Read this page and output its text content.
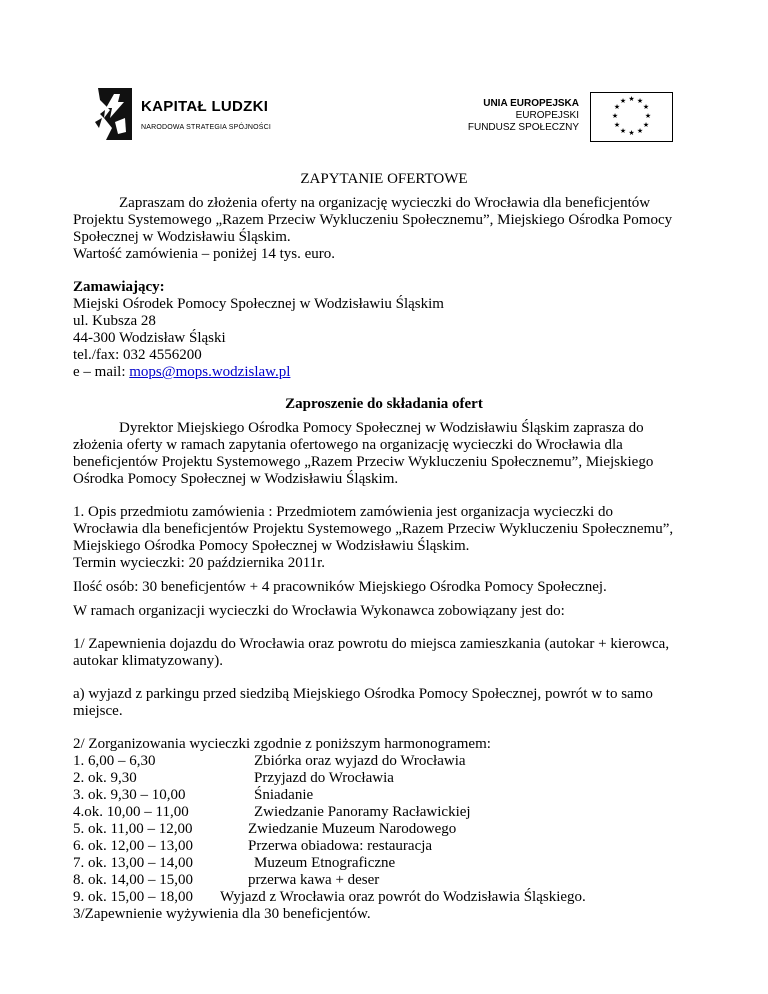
KAPITAŁ LUDZKI
NARODOWA STRATEGIA SPÓJNOŚCI
UNIA EUROPEJSKA
EUROPEJSKI
FUNDUSZ SPOŁECZNY
★ ★
★
★
★
★
★
★
★
★
★
★
ZAPYTANIE OFERTOWE
Zapraszam do złożenia oferty na organizację wycieczki do Wrocławia dla beneficjentów
Projektu Systemowego „Razem Przeciw Wykluczeniu Społecznemu”, Miejskiego Ośrodka Pomocy
Społecznej w Wodzisławiu Śląskim.
Wartość zamówienia – poniżej 14 tys. euro.
Zamawiający:
Miejski Ośrodek Pomocy Społecznej w Wodzisławiu Śląskim
ul. Kubsza 28
44-300 Wodzisław Śląski
tel./fax: 032 4556200
e – mail: mops@mops.wodzislaw.pl
Zaproszenie do składania ofert
Dyrektor Miejskiego Ośrodka Pomocy Społecznej w Wodzisławiu Śląskim zaprasza do
złożenia oferty w ramach zapytania ofertowego na organizację wycieczki do Wrocławia dla
beneficjentów Projektu Systemowego „Razem Przeciw Wykluczeniu Społecznemu”, Miejskiego
Ośrodka Pomocy Społecznej w Wodzisławiu Śląskim.
1. Opis przedmiotu zamówienia : Przedmiotem zamówienia jest organizacja wycieczki do
Wrocławia dla beneficjentów Projektu Systemowego „Razem Przeciw Wykluczeniu Społecznemu”,
Miejskiego Ośrodka Pomocy Społecznej w Wodzisławiu Śląskim.
Termin wycieczki: 20 października 2011r.
Ilość osób: 30 beneficjentów + 4 pracowników Miejskiego Ośrodka Pomocy Społecznej.
W ramach organizacji wycieczki do Wrocławia Wykonawca zobowiązany jest do:
1/ Zapewnienia dojazdu do Wrocławia oraz powrotu do miejsca zamieszkania (autokar + kierowca,
autokar klimatyzowany).
a) wyjazd z parkingu przed siedzibą Miejskiego Ośrodka Pomocy Społecznej, powrót w to samo
miejsce.
2/ Zorganizowania wycieczki zgodnie z poniższym harmonogramem:
1. 6,00 – 6,30	Zbiórka oraz wyjazd do Wrocławia
2. ok. 9,30	Przyjazd do Wrocławia
3. ok. 9,30 – 10,00	Śniadanie
4.ok. 10,00 – 11,00	Zwiedzanie Panoramy Racławickiej
5. ok. 11,00 – 12,00	Zwiedzanie Muzeum Narodowego
6. ok. 12,00 – 13,00	Przerwa obiadowa: restauracja
7. ok. 13,00 – 14,00	Muzeum Etnograficzne
8. ok. 14,00 – 15,00	przerwa kawa + deser
9. ok. 15,00 – 18,00 Wyjazd z Wrocławia oraz powrót do Wodzisławia Śląskiego.
3/Zapewnienie wyżywienia dla 30 beneficjentów.
